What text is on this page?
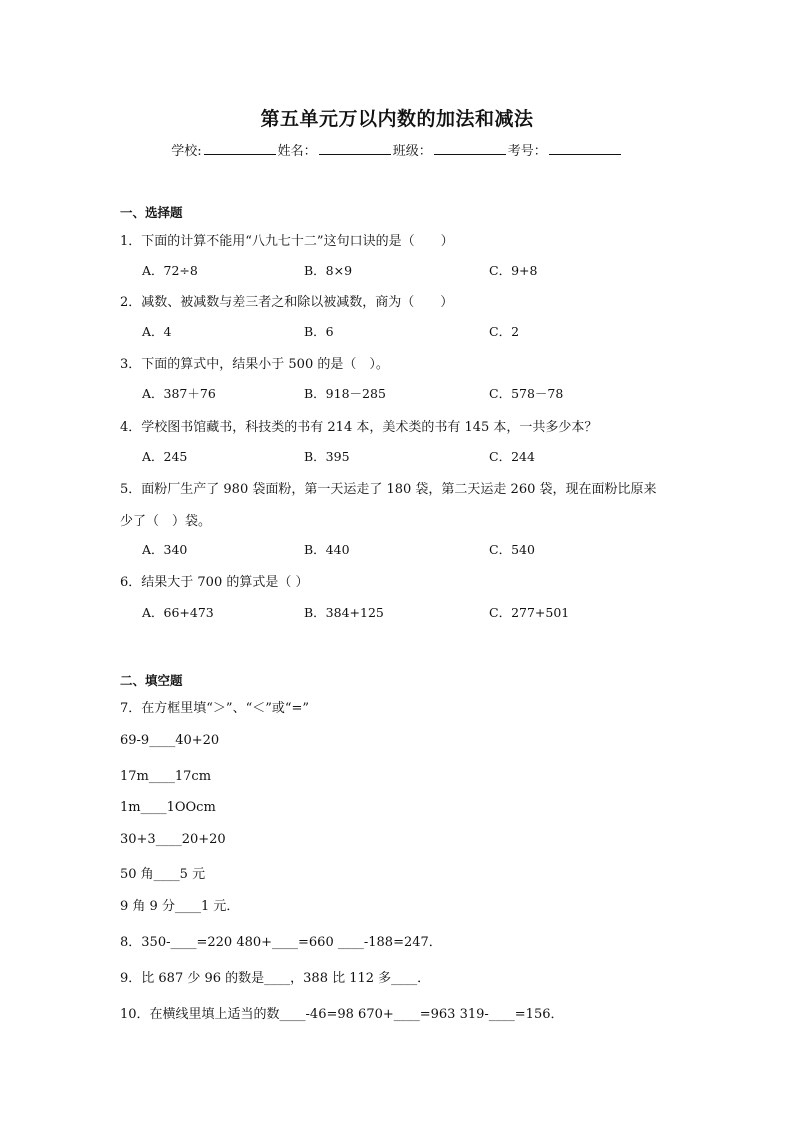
第五单元万以内数的加法和减法
学校:	姓名：	班级：	考号：
一、选择题
1．下面的计算不能用“八九七十二”这句口诀的是（　　）
A．72÷8	B．8×9	C．9+8
2．减数、被减数与差三者之和除以被减数，商为（　　）
A．4	B．6	C．2
3．下面的算式中，结果小于 500 的是（　）。
A．387＋76	B．918－285	C．578－78
4．学校图书馆藏书，科技类的书有 214 本，美术类的书有 145 本，一共多少本？
A．245	B．395	C．244
5．面粉厂生产了 980 袋面粉，第一天运走了 180 袋，第二天运走 260 袋，现在面粉比原来
少了（　）袋。
A．340	B．440	C．540
6．结果大于 700 的算式是（ ）
A．66+473	B．384+125	C．277+501
二、填空题
7．在方框里填“＞”、“＜”或“=”
69-9____40+20
17m____17cm
1m____1OOcm
30+3____20+20
50 角____5 元
9 角 9 分____1 元．
8．350-____=220 480+____=660 ____-188=247．
9．比 687 少 96 的数是____，388 比 112 多____．
10．在横线里填上适当的数____-46=98 670+____=963 319-____=156．
